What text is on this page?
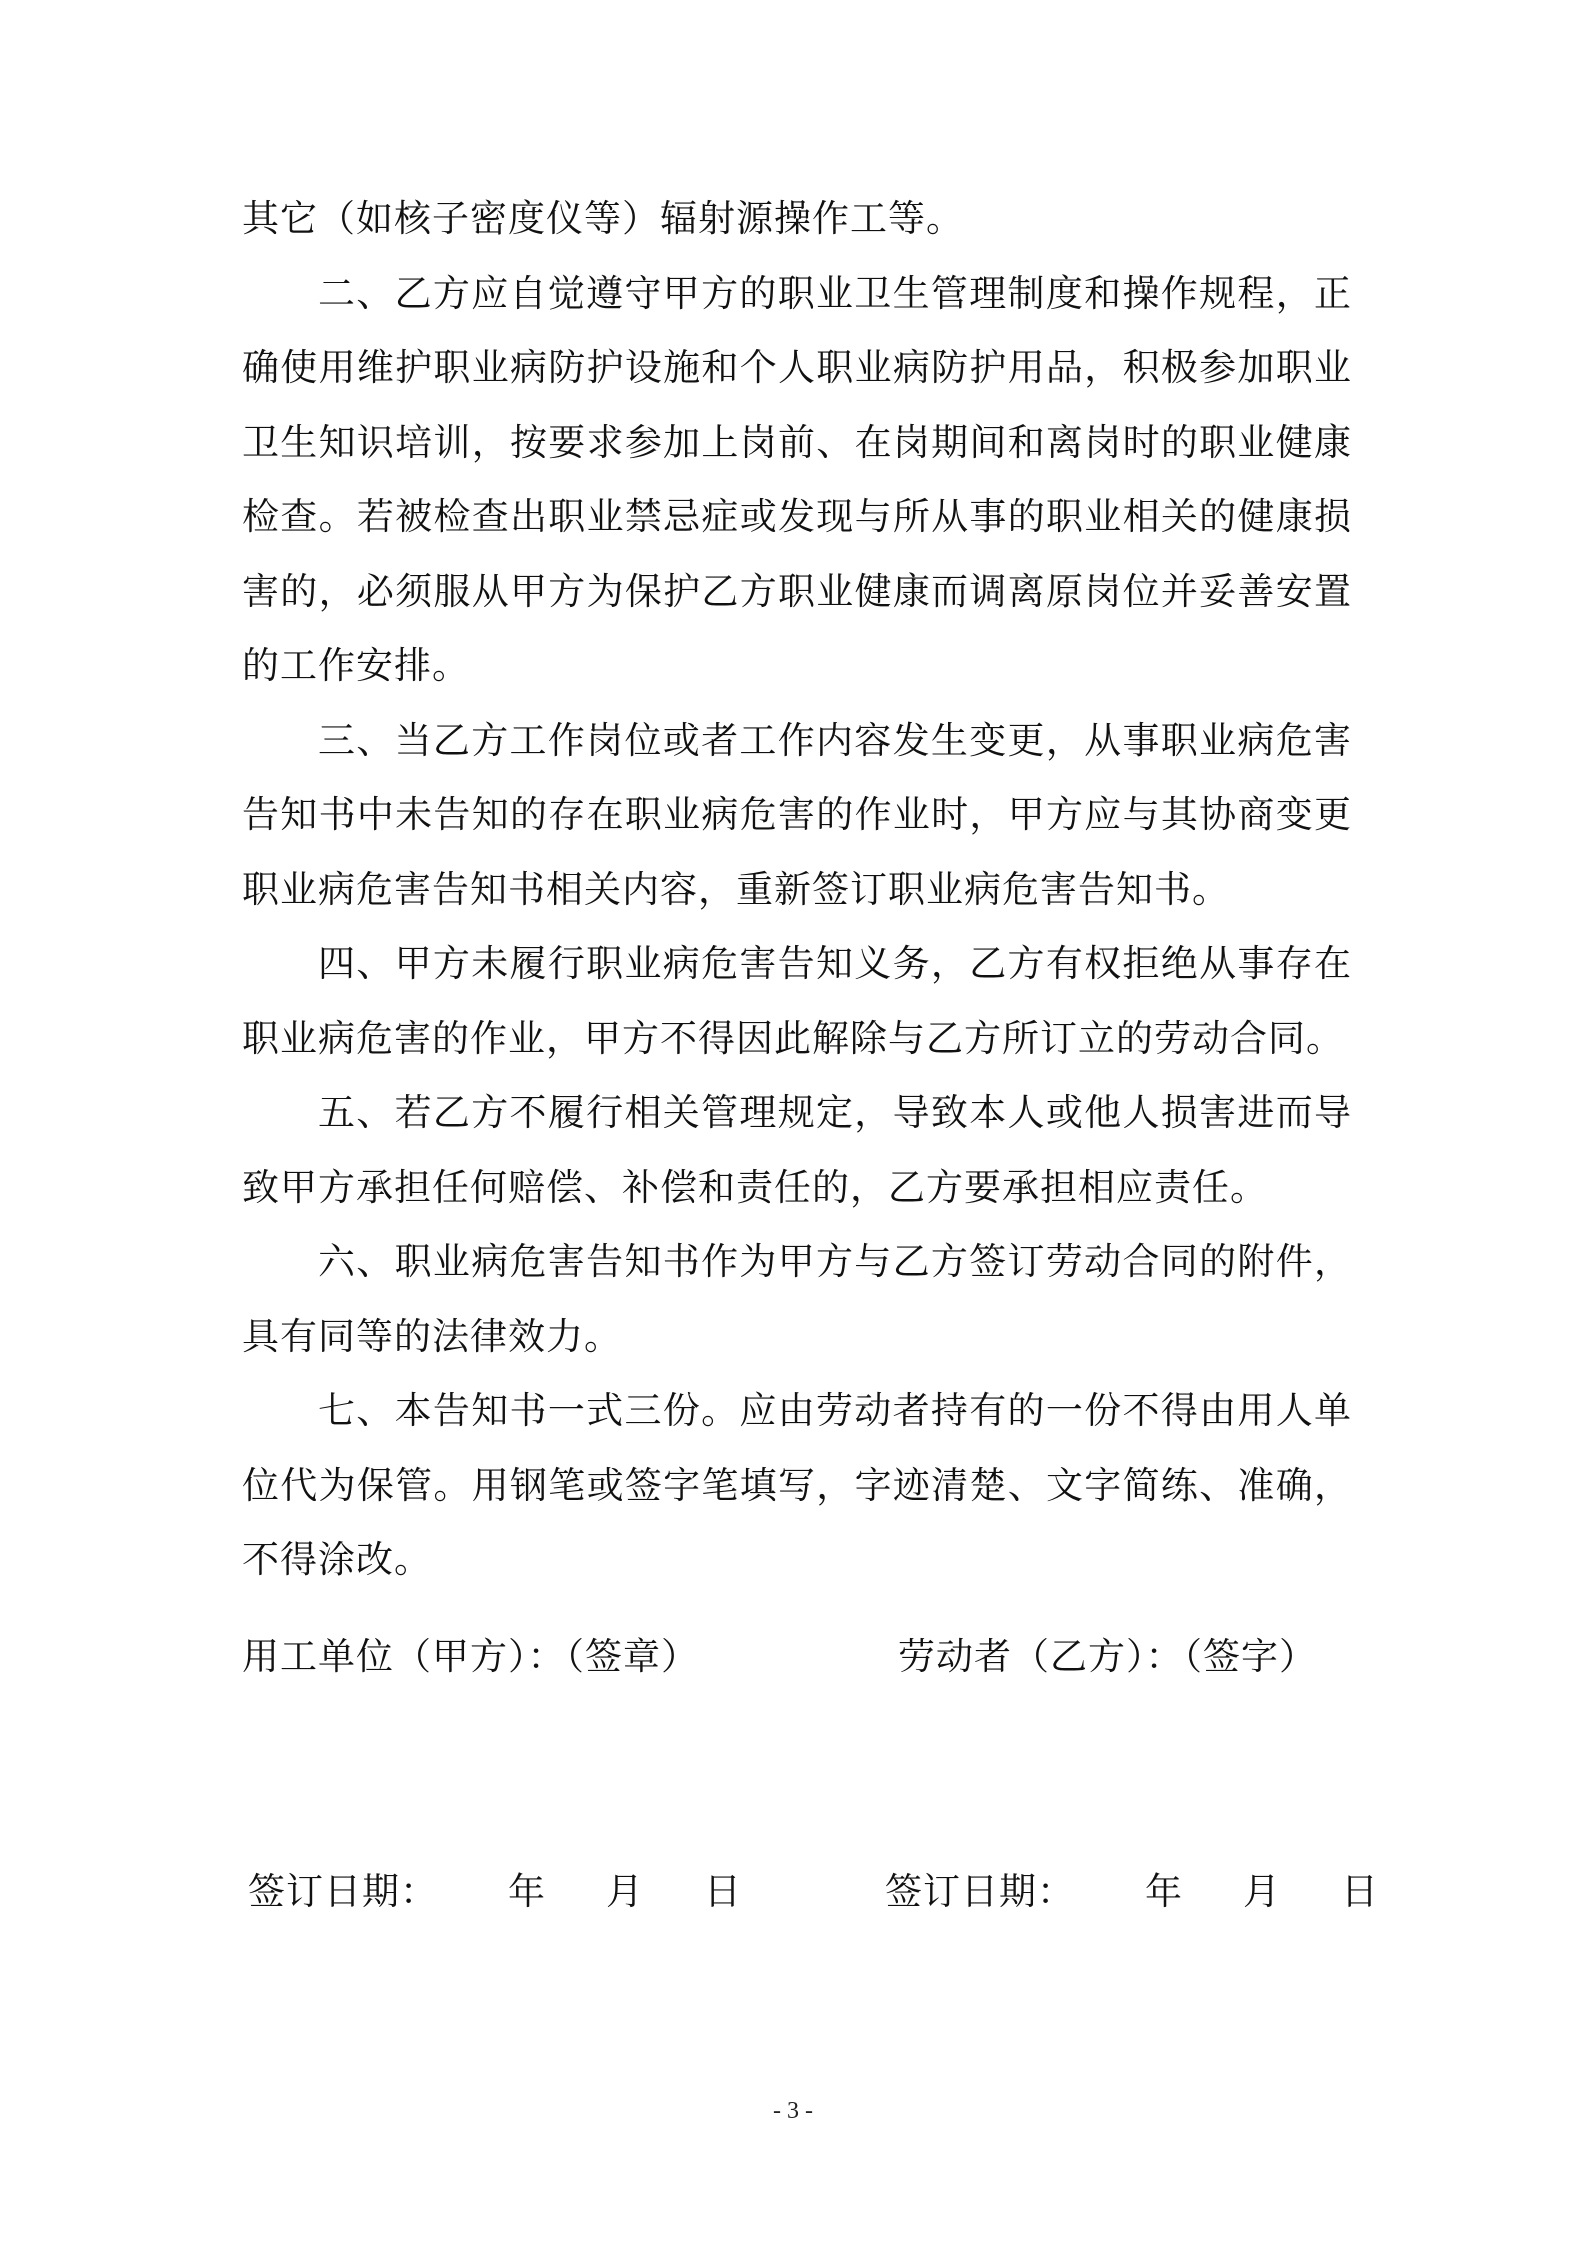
其它（如核子密度仪等）辐射源操作工等。

二、乙方应自觉遵守甲方的职业卫生管理制度和操作规程，正确使用维护职业病防护设施和个人职业病防护用品，积极参加职业卫生知识培训，按要求参加上岗前、在岗期间和离岗时的职业健康检查。若被检查出职业禁忌症或发现与所从事的职业相关的健康损害的，必须服从甲方为保护乙方职业健康而调离原岗位并妥善安置的工作安排。

三、当乙方工作岗位或者工作内容发生变更，从事职业病危害告知书中未告知的存在职业病危害的作业时，甲方应与其协商变更职业病危害告知书相关内容，重新签订职业病危害告知书。

四、甲方未履行职业病危害告知义务，乙方有权拒绝从事存在职业病危害的作业，甲方不得因此解除与乙方所订立的劳动合同。

五、若乙方不履行相关管理规定，导致本人或他人损害进而导致甲方承担任何赔偿、补偿和责任的，乙方要承担相应责任。

六、职业病危害告知书作为甲方与乙方签订劳动合同的附件，具有同等的法律效力。

七、本告知书一式三份。应由劳动者持有的一份不得由用人单位代为保管。用钢笔或签字笔填写，字迹清楚、文字简练、准确，不得涂改。

用工单位（甲方）：（签章）	劳动者（乙方）：（签字）
签订日期： 年 月 日	签订日期： 年 月 日
- 3 -
